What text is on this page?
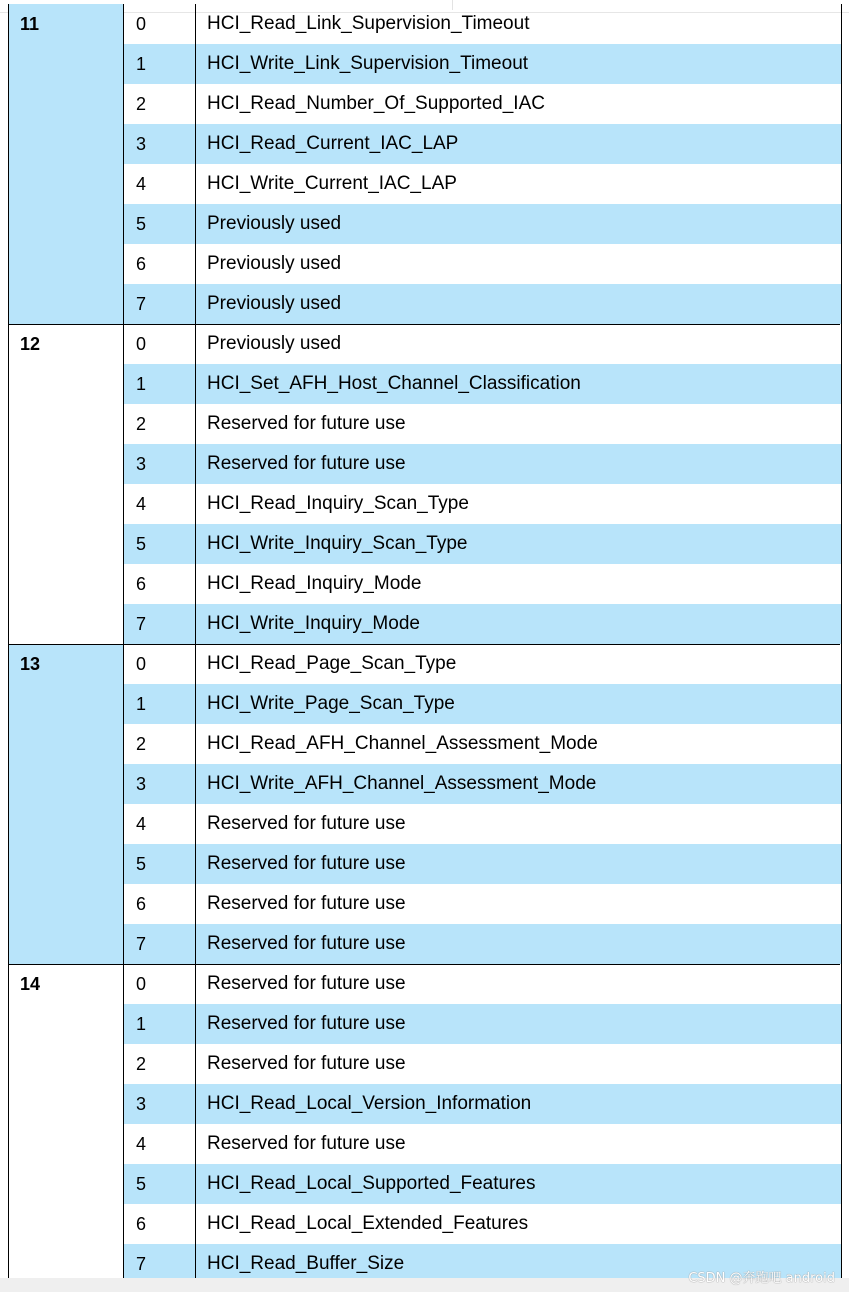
11	0	HCI_Read_Link_Supervision_Timeout
1	HCI_Write_Link_Supervision_Timeout
2	HCI_Read_Number_Of_Supported_IAC
3	HCI_Read_Current_IAC_LAP
4	HCI_Write_Current_IAC_LAP
5	Previously used
6	Previously used
7	Previously used
12	0	Previously used
1	HCI_Set_AFH_Host_Channel_Classification
2	Reserved for future use
3	Reserved for future use
4	HCI_Read_Inquiry_Scan_Type
5	HCI_Write_Inquiry_Scan_Type
6	HCI_Read_Inquiry_Mode
7	HCI_Write_Inquiry_Mode
13	0	HCI_Read_Page_Scan_Type
1	HCI_Write_Page_Scan_Type
2	HCI_Read_AFH_Channel_Assessment_Mode
3	HCI_Write_AFH_Channel_Assessment_Mode
4	Reserved for future use
5	Reserved for future use
6	Reserved for future use
7	Reserved for future use
14	0	Reserved for future use
1	Reserved for future use
2	Reserved for future use
3	HCI_Read_Local_Version_Information
4	Reserved for future use
5	HCI_Read_Local_Supported_Features
6	HCI_Read_Local_Extended_Features
7	HCI_Read_Buffer_Size
CSDN @奔跑吧 android
